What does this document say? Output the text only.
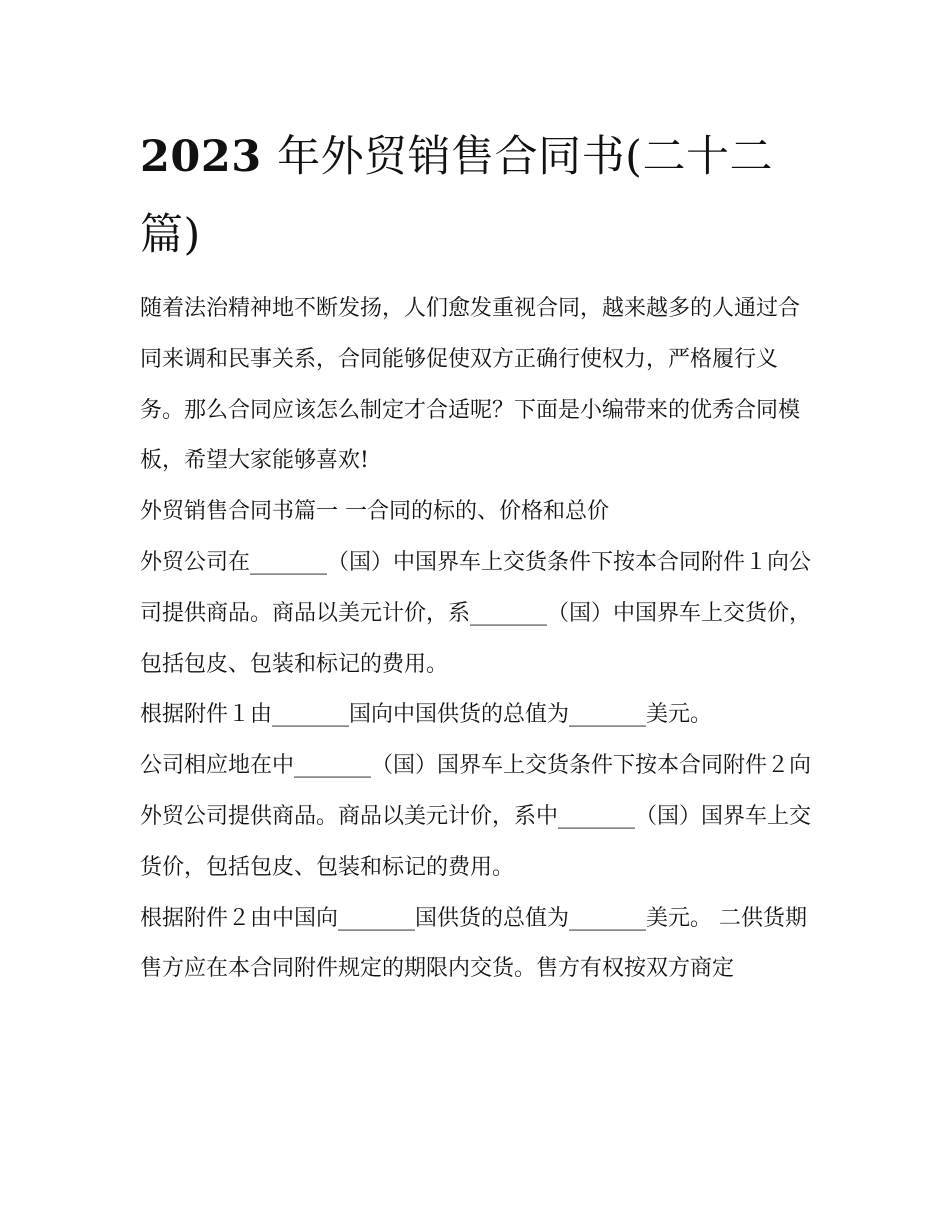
2023 年外贸销售合同书(二十二篇)

随着法治精神地不断发扬，人们愈发重视合同，越来越多的人通过合同来调和民事关系，合同能够促使双方正确行使权力，严格履行义务。那么合同应该怎么制定才合适呢？下面是小编带来的优秀合同模板，希望大家能够喜欢!

外贸销售合同书篇一 一合同的标的、价格和总价

外贸公司在_______（国）中国界车上交货条件下按本合同附件１向公司提供商品。商品以美元计价，系_______（国）中国界车上交货价，包括包皮、包装和标记的费用。

根据附件１由_______国向中国供货的总值为_______美元。

公司相应地在中_______（国）国界车上交货条件下按本合同附件２向外贸公司提供商品。商品以美元计价，系中_______（国）国界车上交货价，包括包皮、包装和标记的费用。

根据附件２由中国向_______国供货的总值为_______美元。 二供货期

售方应在本合同附件规定的期限内交货。售方有权按双方商定
